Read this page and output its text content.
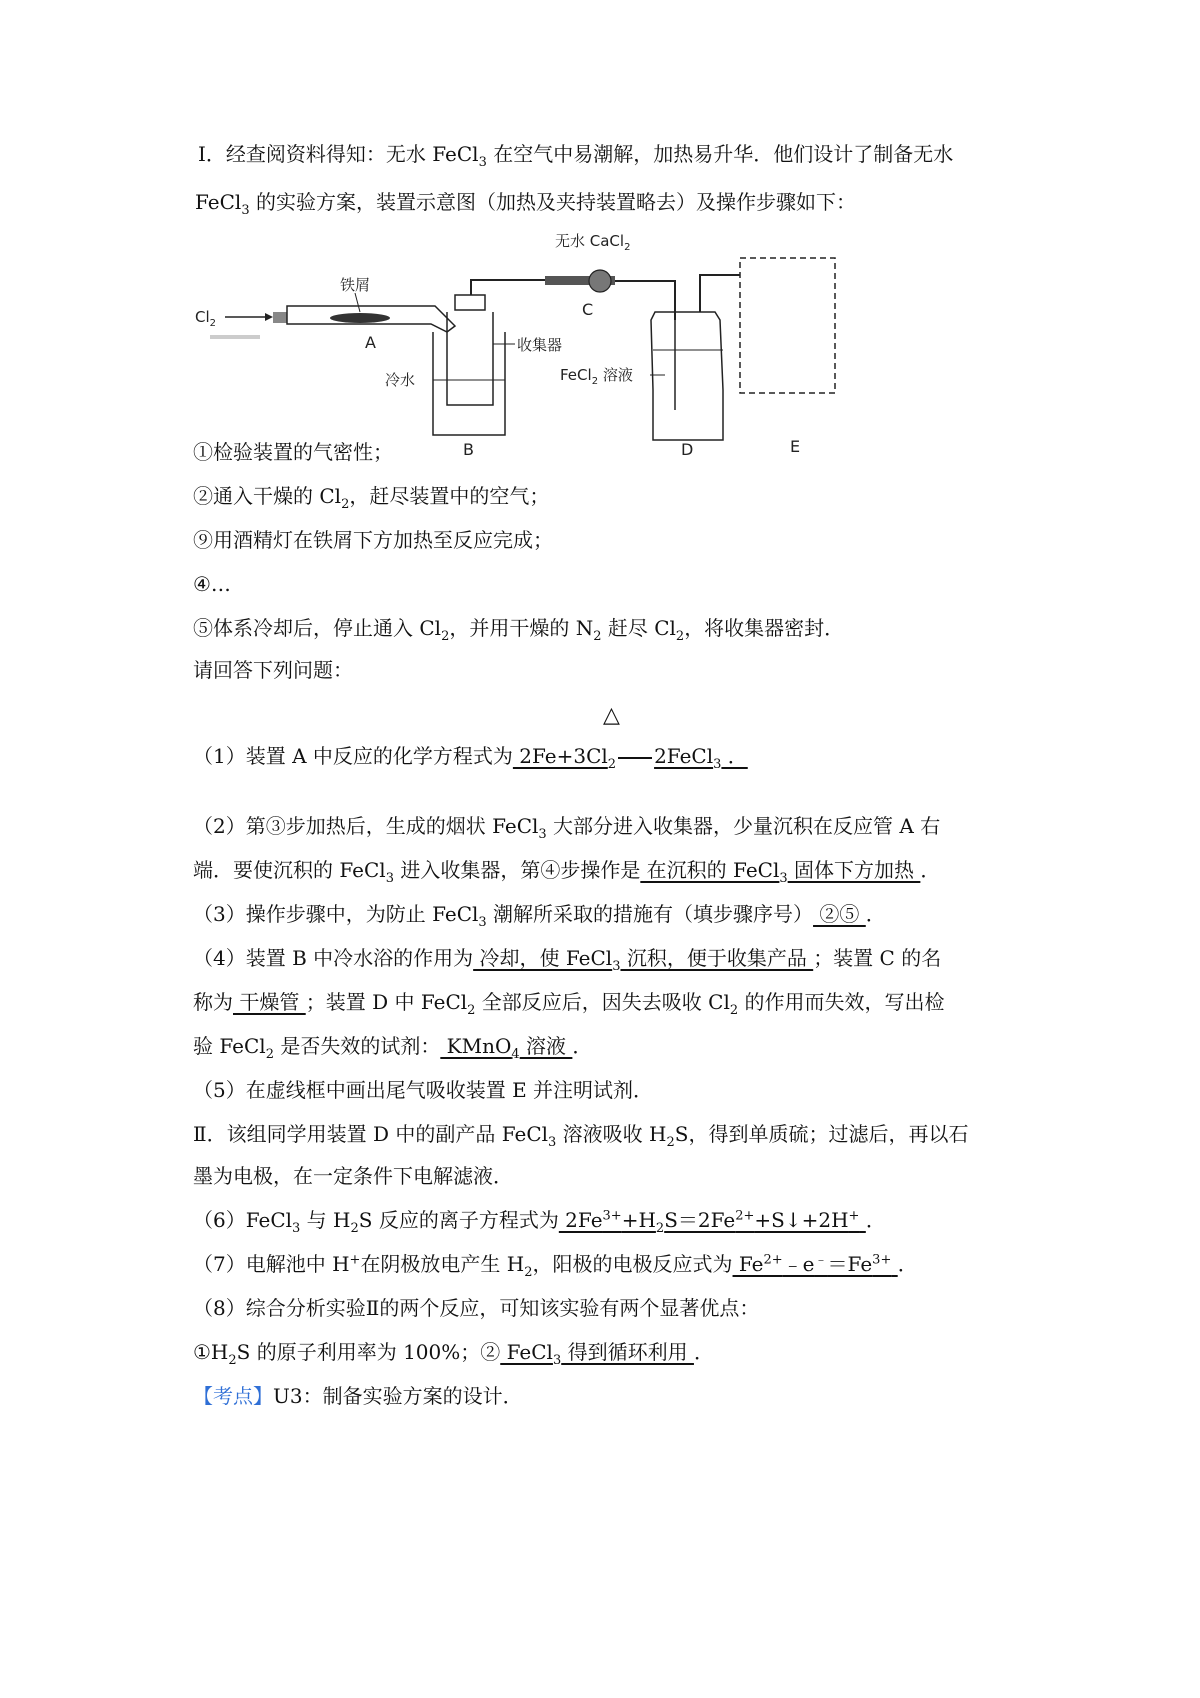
Ⅰ．经查阅资料得知：无水 FeCl$_3$ 在空气中易潮解，加热易升华．他们设计了制备无水
FeCl$_3$ 的实验方案，装置示意图（加热及夹持装置略去）及操作步骤如下：
$Cl_2$
铁屑
A	收集器
冷水
B
无水 CaCl$_2$
C
FeCl$_2$ 溶液
D	E
①检验装置的气密性；
②通入干燥的 $Cl_2$，赶尽装置中的空气；
⑨用酒精灯在铁屑下方加热至反应完成；
④…
⑤体系冷却后，停止通入 $Cl_2$，并用干燥的 $N_2$ 赶尽 $Cl_2$，将收集器密封．
请回答下列问题：
△
（1）装置 A 中反应的化学方程式为 $2Fe+3Cl_2$ 2FeCl$_3$ ．
（2）第③步加热后，生成的烟状 FeCl$_3$ 大部分进入收集器，少量沉积在反应管 A 右
端．要使沉积的 FeCl$_3$ 进入收集器，第④步操作是 在沉积的 FeCl$_3$ 固体下方加热 ．
（3）操作步骤中，为防止 FeCl$_3$ 潮解所采取的措施有（填步骤序号） ②⑤ ．
（4）装置 B 中冷水浴的作用为 冷却，使 FeCl$_3$ 沉积，便于收集产品 ；装置 C 的名
称为 干燥管 ；装置 D 中 FeCl$_2$ 全部反应后，因失去吸收 $Cl_2$ 的作用而失效，写出检
验 FeCl$_2$ 是否失效的试剂： KMnO$_4$ 溶液 ．
（5）在虚线框中画出尾气吸收装置 E 并注明试剂．
Ⅱ．该组同学用装置 D 中的副产品 FeCl$_3$ 溶液吸收 $H_2S$，得到单质硫；过滤后，再以石
墨为电极，在一定条件下电解滤液．
（6）FeCl$_3$ 与 $H_2S$ 反应的离子方程式为 $2Fe^{3+}+H_2S=2Fe^{2+}+S↓+2H^+$ ．
（7）电解池中 H+在阴极放电产生 $H_2$，阳极的电极反应式为 $Fe^{2+}﹣e^﹣=Fe^{3+}$ ．
（8）综合分析实验Ⅱ的两个反应，可知该实验有两个显著优点：
$①H_2S$ 的原子利用率为 100%；② FeCl$_3$ 得到循环利用 ．
【考点】U3：制备实验方案的设计．
